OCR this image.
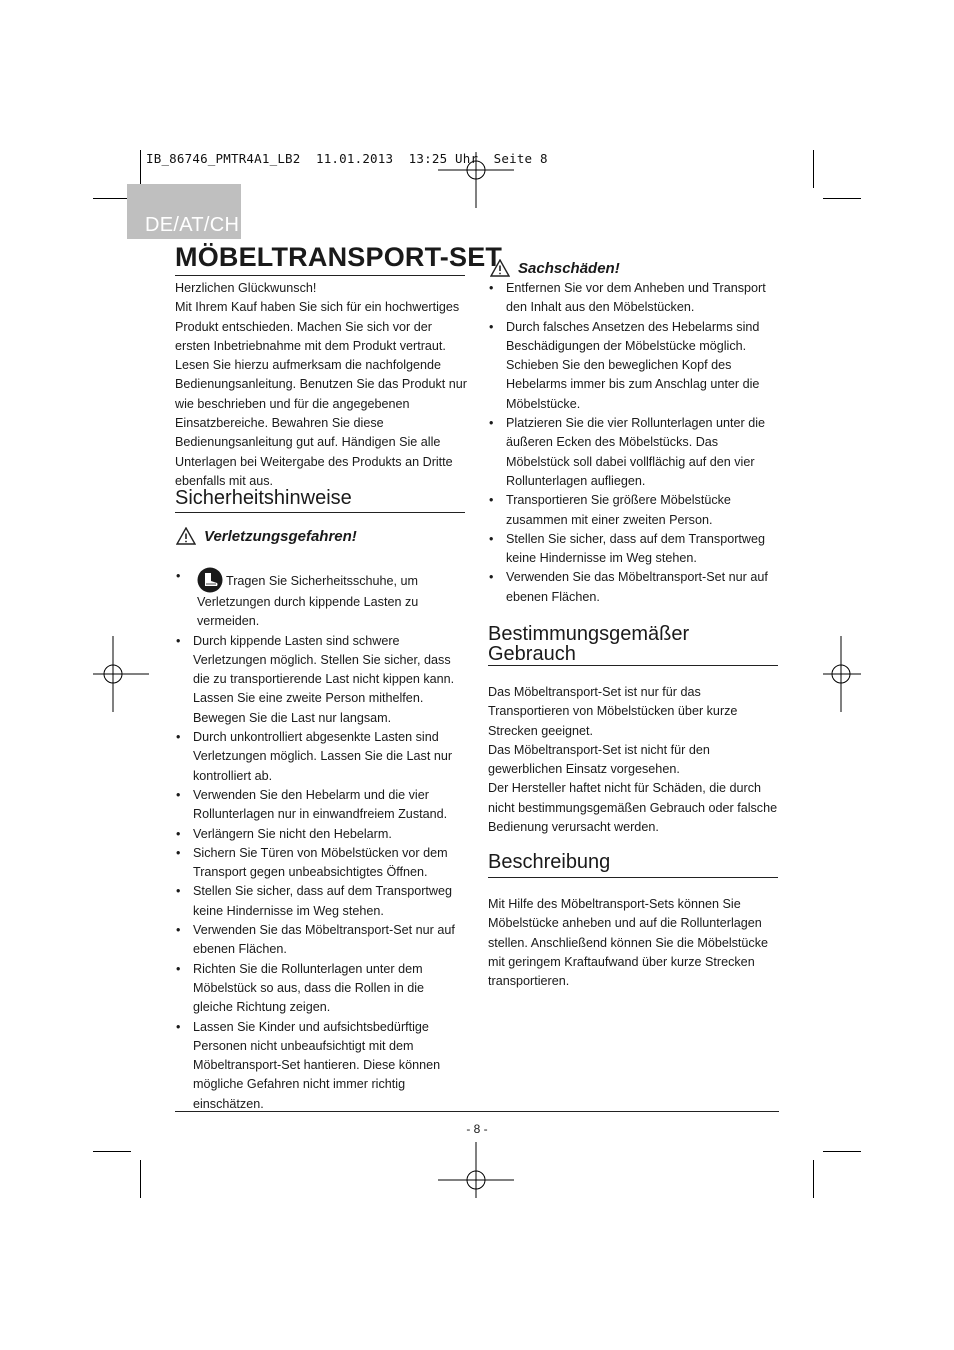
IB_86746_PMTR4A1_LB2  11.01.2013  13:25 Uhr  Seite 8
DE/AT/CH
MÖBELTRANSPORT-SET

Herzlichen Glückwunsch!

Mit Ihrem Kauf haben Sie sich für ein hochwertiges Produkt entschieden. Machen Sie sich vor der ersten Inbetriebnahme mit dem Produkt vertraut.

Lesen Sie hierzu aufmerksam die nachfolgende Bedienungsanleitung. Benutzen Sie das Produkt nur wie beschrieben und für die angegebenen Einsatzbereiche. Bewahren Sie diese Bedienungsanleitung gut auf. Händigen Sie alle Unterlagen bei Weitergabe des Produkts an Dritte ebenfalls mit aus.

Sicherheitshinweise
Verletzungsgefahren!
• Tragen Sie Sicherheitsschuhe, um Verletzungen durch kippende Lasten zu vermeiden.
• Durch kippende Lasten sind schwere Verletzungen möglich. Stellen Sie sicher, dass die zu transportierende Last nicht kippen kann. Lassen Sie eine zweite Person mithelfen. Bewegen Sie die Last nur langsam.
• Durch unkontrolliert abgesenkte Lasten sind Verletzungen möglich. Lassen Sie die Last nur kontrolliert ab.
• Verwenden Sie den Hebelarm und die vier Rollunterlagen nur in einwandfreiem Zustand.
• Verlängern Sie nicht den Hebelarm.
• Sichern Sie Türen von Möbelstücken vor dem Transport gegen unbeabsichtigtes Öffnen.
• Stellen Sie sicher, dass auf dem Transportweg keine Hindernisse im Weg stehen.
• Verwenden Sie das Möbeltransport-Set nur auf ebenen Flächen.
• Richten Sie die Rollunterlagen unter dem Möbelstück so aus, dass die Rollen in die gleiche Richtung zeigen.
• Lassen Sie Kinder und aufsichtsbedürftige Personen nicht unbeaufsichtigt mit dem Möbeltransport-Set hantieren. Diese können mögliche Gefahren nicht immer richtig einschätzen.
Sachschäden!
• Entfernen Sie vor dem Anheben und Transport den Inhalt aus den Möbelstücken.
• Durch falsches Ansetzen des Hebelarms sind Beschädigungen der Möbelstücke möglich. Schieben Sie den beweglichen Kopf des Hebelarms immer bis zum Anschlag unter die Möbelstücke.
• Platzieren Sie die vier Rollunterlagen unter die äußeren Ecken des Möbelstücks. Das Möbelstück soll dabei vollflächig auf den vier Rollunterlagen aufliegen.
• Transportieren Sie größere Möbelstücke zusammen mit einer zweiten Person.
• Stellen Sie sicher, dass auf dem Transportweg keine Hindernisse im Weg stehen.
• Verwenden Sie das Möbeltransport-Set nur auf ebenen Flächen.
Bestimmungsgemäßer Gebrauch

Das Möbeltransport-Set ist nur für das Transportieren von Möbelstücken über kurze Strecken geeignet.

Das Möbeltransport-Set ist nicht für den gewerblichen Einsatz vorgesehen.

Der Hersteller haftet nicht für Schäden, die durch nicht bestimmungsgemäßen Gebrauch oder falsche Bedienung verursacht werden.

Beschreibung

Mit Hilfe des Möbeltransport-Sets können Sie Möbelstücke anheben und auf die Rollunterlagen stellen. Anschließend können Sie die Möbelstücke mit geringem Kraftaufwand über kurze Strecken transportieren.

- 8 -
